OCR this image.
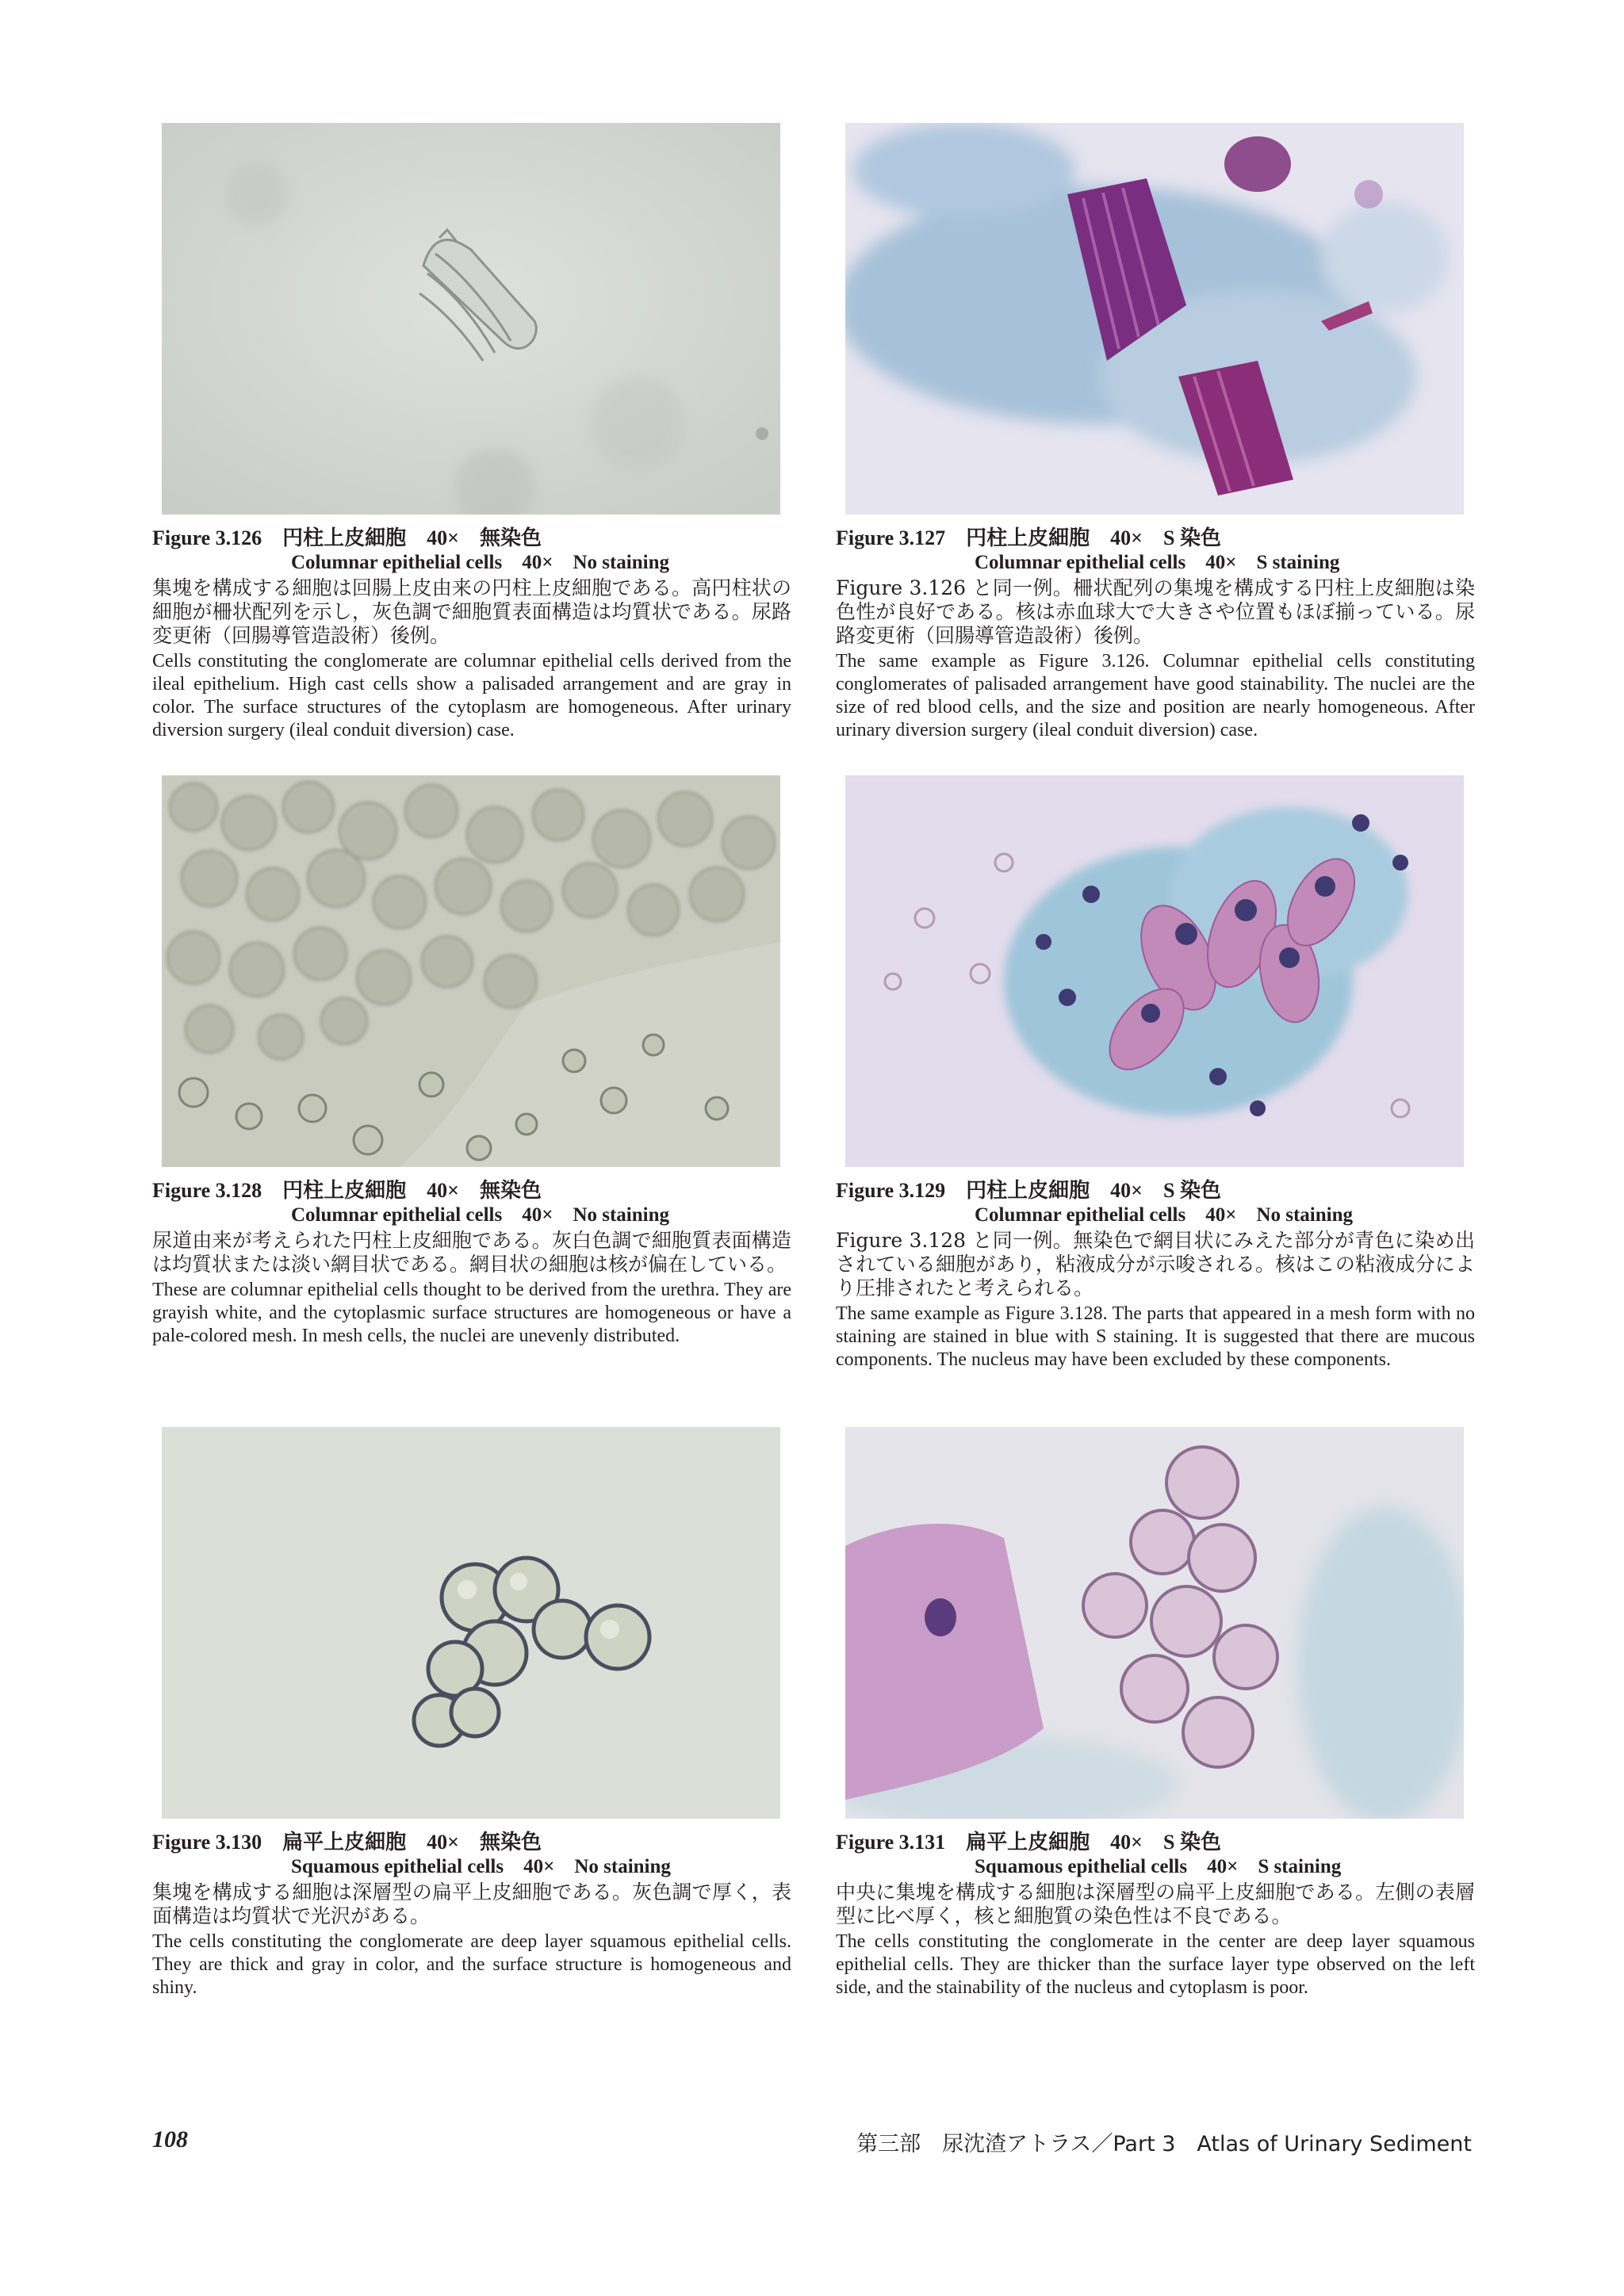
Figure 3.126　円柱上皮細胞　40×　無染色
Columnar epithelial cells　40×　No staining
集塊を構成する細胞は回腸上皮由来の円柱上皮細胞である。高円柱状の細胞が柵状配列を示し，灰色調で細胞質表面構造は均質状である。尿路変更術（回腸導管造設術）後例。
Cells constituting the conglomerate are columnar epithelial cells derived from the ileal epithelium. High cast cells show a palisaded arrangement and are gray in color. The surface structures of the cytoplasm are homogeneous. After urinary diversion surgery (ileal conduit diversion) case.
Figure 3.127　円柱上皮細胞　40×　S 染色
Columnar epithelial cells　40×　S staining
Figure 3.126 と同一例。柵状配列の集塊を構成する円柱上皮細胞は染色性が良好である。核は赤血球大で大きさや位置もほぼ揃っている。尿路変更術（回腸導管造設術）後例。
The same example as Figure 3.126. Columnar epithelial cells constituting conglomerates of palisaded arrangement have good stainability. The nuclei are the size of red blood cells, and the size and position are nearly homogeneous. After urinary diversion surgery (ileal conduit diversion) case.
Figure 3.128　円柱上皮細胞　40×　無染色
Columnar epithelial cells　40×　No staining
尿道由来が考えられた円柱上皮細胞である。灰白色調で細胞質表面構造は均質状または淡い網目状である。網目状の細胞は核が偏在している。
These are columnar epithelial cells thought to be derived from the urethra. They are grayish white, and the cytoplasmic surface structures are homogeneous or have a pale-colored mesh. In mesh cells, the nuclei are unevenly distributed.
Figure 3.129　円柱上皮細胞　40×　S 染色
Columnar epithelial cells　40×　No staining
Figure 3.128 と同一例。無染色で網目状にみえた部分が青色に染め出されている細胞があり，粘液成分が示唆される。核はこの粘液成分により圧排されたと考えられる。
The same example as Figure 3.128. The parts that appeared in a mesh form with no staining are stained in blue with S staining. It is suggested that there are mucous components. The nucleus may have been excluded by these components.
Figure 3.130　扁平上皮細胞　40×　無染色
Squamous epithelial cells　40×　No staining
集塊を構成する細胞は深層型の扁平上皮細胞である。灰色調で厚く，表面構造は均質状で光沢がある。
The cells constituting the conglomerate are deep layer squamous epithelial cells. They are thick and gray in color, and the surface structure is homogeneous and shiny.
Figure 3.131　扁平上皮細胞　40×　S 染色
Squamous epithelial cells　40×　S staining
中央に集塊を構成する細胞は深層型の扁平上皮細胞である。左側の表層型に比べ厚く，核と細胞質の染色性は不良である。
The cells constituting the conglomerate in the center are deep layer squamous epithelial cells. They are thicker than the surface layer type observed on the left side, and the stainability of the nucleus and cytoplasm is poor.
108	第三部　尿沈渣アトラス／Part 3　Atlas of Urinary Sediment
